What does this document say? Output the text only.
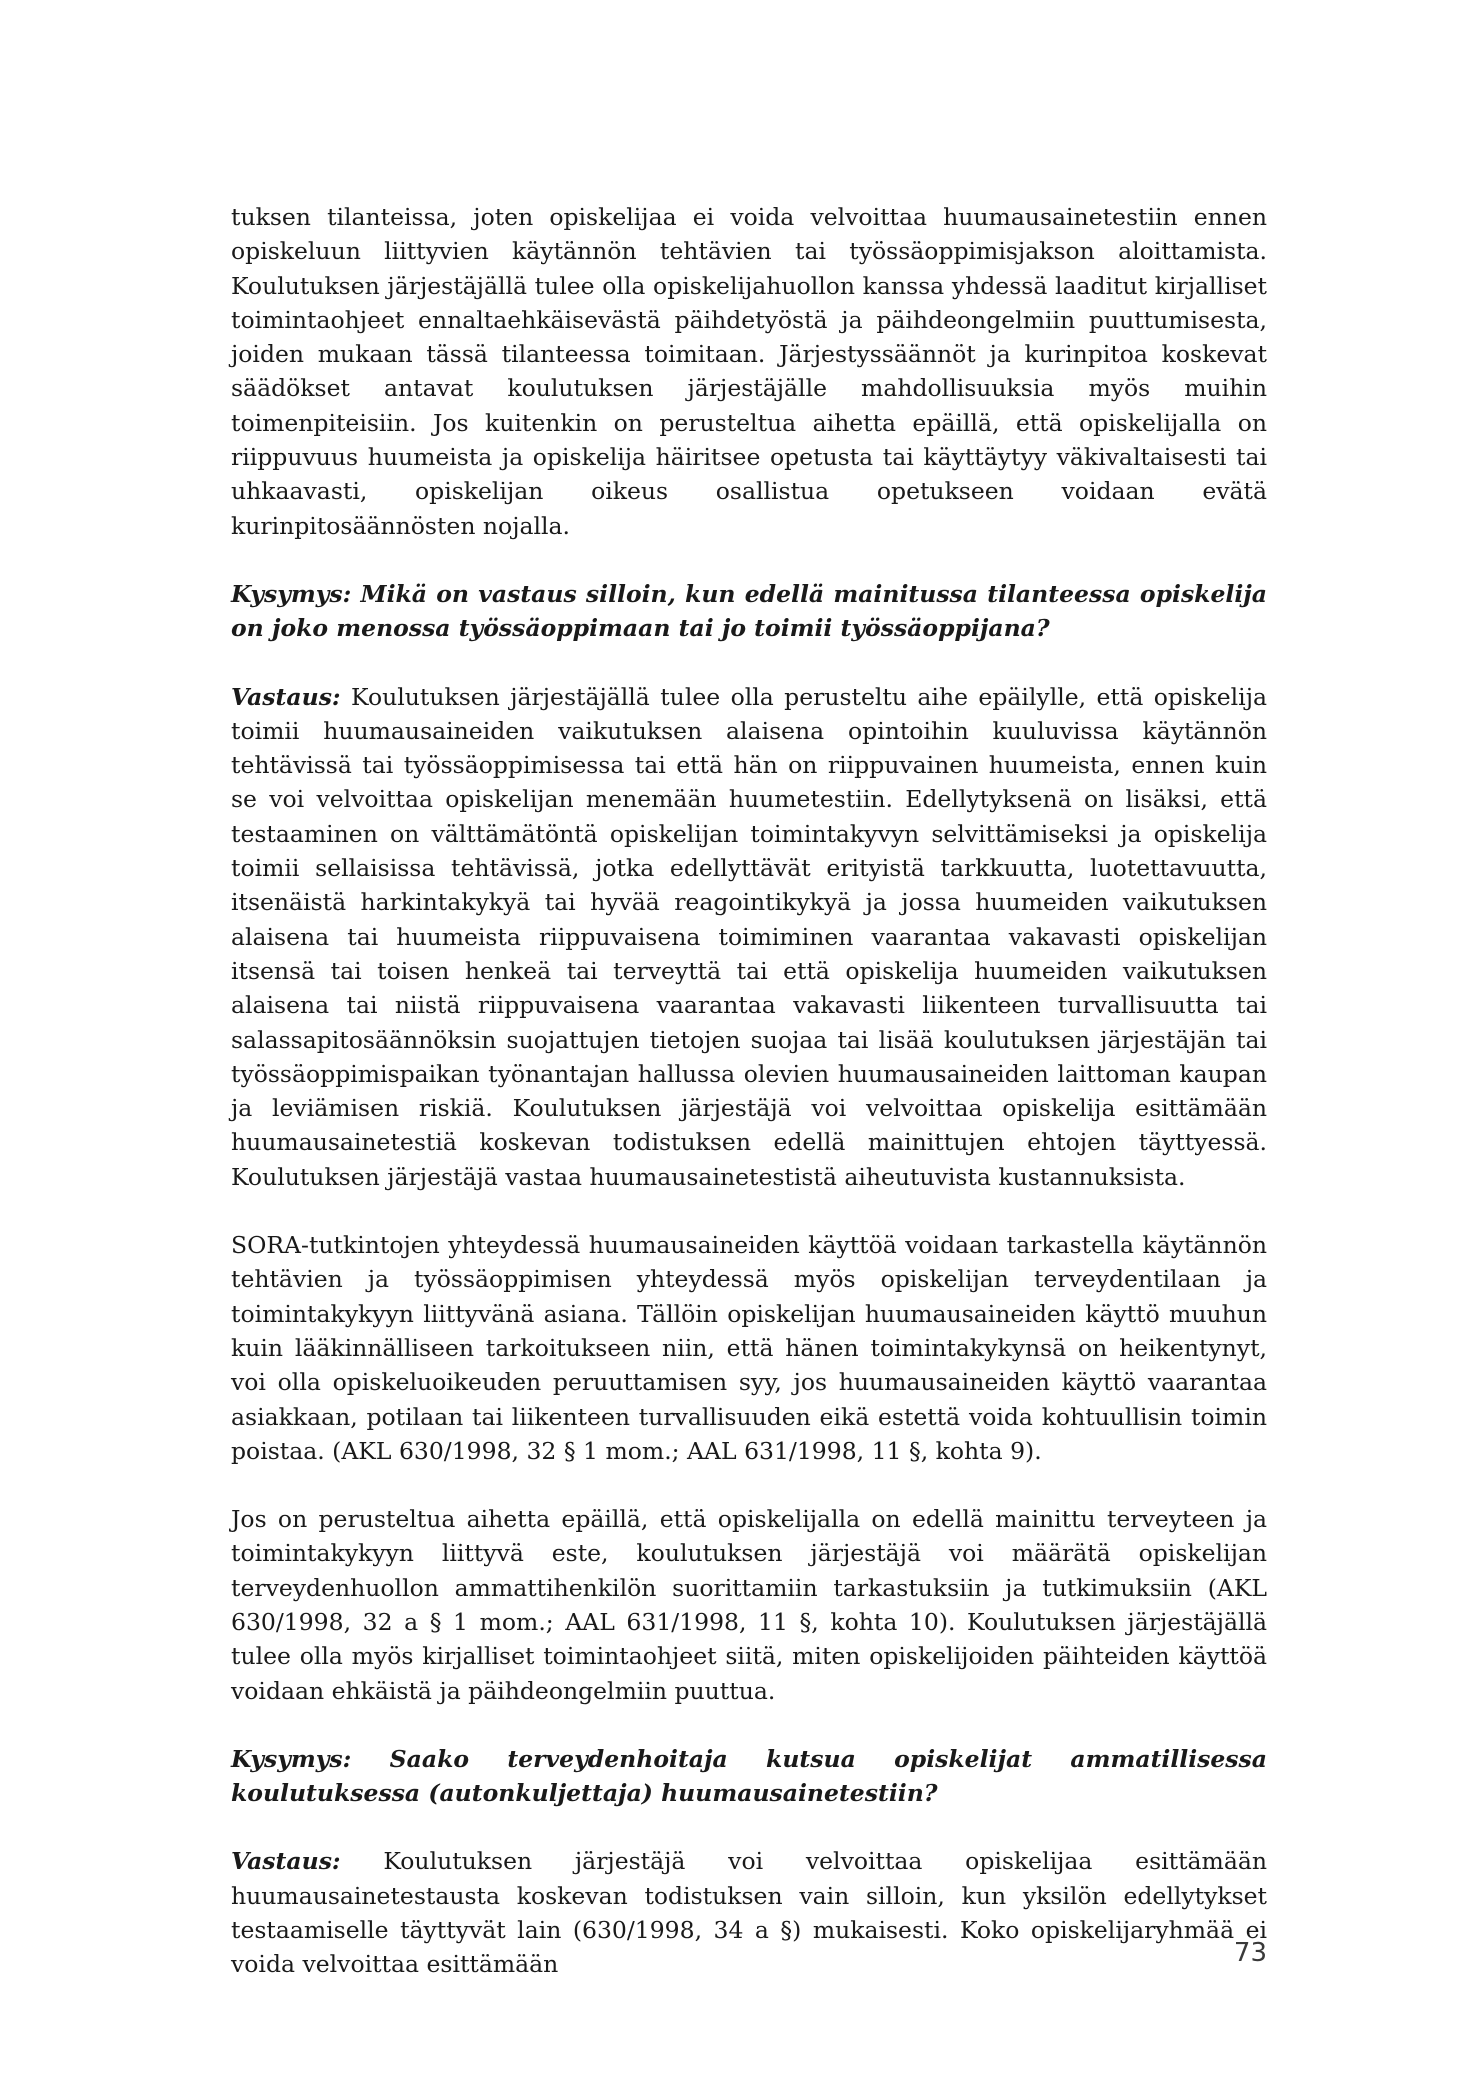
tuksen tilanteissa, joten opiskelijaa ei voida velvoittaa huumausainetestiin ennen opiskeluun liittyvien käytännön tehtävien tai työssäoppimisjakson aloittamista. Koulutuksen järjestäjällä tulee olla opiskelijahuollon kanssa yhdessä laaditut kirjalliset toimintaohjeet ennaltaehkäisevästä päihdetyöstä ja päihdeongelmiin puuttumisesta, joiden mukaan tässä tilanteessa toimitaan. Järjestyssäännöt ja kurinpitoa koskevat säädökset antavat koulutuksen järjestäjälle mahdollisuuksia myös muihin toimenpiteisiin. Jos kuitenkin on perusteltua aihetta epäillä, että opiskelijalla on riippuvuus huumeista ja opiskelija häiritsee opetusta tai käyttäytyy väkivaltaisesti tai uhkaavasti, opiskelijan oikeus osallistua opetukseen voidaan evätä kurinpitosäännösten nojalla.

Kysymys: Mikä on vastaus silloin, kun edellä mainitussa tilanteessa opiskelija on joko menossa työssäoppimaan tai jo toimii työssäoppijana?

Vastaus: Koulutuksen järjestäjällä tulee olla perusteltu aihe epäilylle, että opiskelija toimii huumausaineiden vaikutuksen alaisena opintoihin kuuluvissa käytännön tehtävissä tai työssäoppimisessa tai että hän on riippuvainen huumeista, ennen kuin se voi velvoittaa opiskelijan menemään huumetestiin. Edellytyksenä on lisäksi, että testaaminen on välttämätöntä opiskelijan toimintakyvyn selvittämiseksi ja opiskelija toimii sellaisissa tehtävissä, jotka edellyttävät erityistä tarkkuutta, luotettavuutta, itsenäistä harkintakykyä tai hyvää reagointikykyä ja jossa huumeiden vaikutuksen alaisena tai huumeista riippuvaisena toimiminen vaarantaa vakavasti opiskelijan itsensä tai toisen henkeä tai terveyttä tai että opiskelija huumeiden vaikutuksen alaisena tai niistä riippuvaisena vaarantaa vakavasti liikenteen turvallisuutta tai salassapitosäännöksin suojattujen tietojen suojaa tai lisää koulutuksen järjestäjän tai työssäoppimispaikan työnantajan hallussa olevien huumausaineiden laittoman kaupan ja leviämisen riskiä. Koulutuksen järjestäjä voi velvoittaa opiskelija esittämään huumausainetestiä koskevan todistuksen edellä mainittujen ehtojen täyttyessä. Koulutuksen järjestäjä vastaa huumausainetestistä aiheutuvista kustannuksista.

SORA-tutkintojen yhteydessä huumausaineiden käyttöä voidaan tarkastella käytännön tehtävien ja työssäoppimisen yhteydessä myös opiskelijan terveydentilaan ja toimintakykyyn liittyvänä asiana. Tällöin opiskelijan huumausaineiden käyttö muuhun kuin lääkinnälliseen tarkoitukseen niin, että hänen toimintakykynsä on heikentynyt, voi olla opiskeluoikeuden peruuttamisen syy, jos huumausaineiden käyttö vaarantaa asiakkaan, potilaan tai liikenteen turvallisuuden eikä estettä voida kohtuullisin toimin poistaa. (AKL 630/1998, 32 § 1 mom.; AAL 631/1998, 11 §, kohta 9).

Jos on perusteltua aihetta epäillä, että opiskelijalla on edellä mainittu terveyteen ja toimintakykyyn liittyvä este, koulutuksen järjestäjä voi määrätä opiskelijan terveydenhuollon ammattihenkilön suorittamiin tarkastuksiin ja tutkimuksiin (AKL 630/1998, 32 a § 1 mom.; AAL 631/1998, 11 §, kohta 10). Koulutuksen järjestäjällä tulee olla myös kirjalliset toimintaohjeet siitä, miten opiskelijoiden päihteiden käyttöä voidaan ehkäistä ja päihdeongelmiin puuttua.

Kysymys: Saako terveydenhoitaja kutsua opiskelijat ammatillisessa koulutuksessa (autonkuljettaja) huumausainetestiin?

Vastaus: Koulutuksen järjestäjä voi velvoittaa opiskelijaa esittämään huumausainetestausta koskevan todistuksen vain silloin, kun yksilön edellytykset testaamiselle täyttyvät lain (630/1998, 34 a §) mukaisesti. Koko opiskelijaryhmää ei voida velvoittaa esittämään	73
